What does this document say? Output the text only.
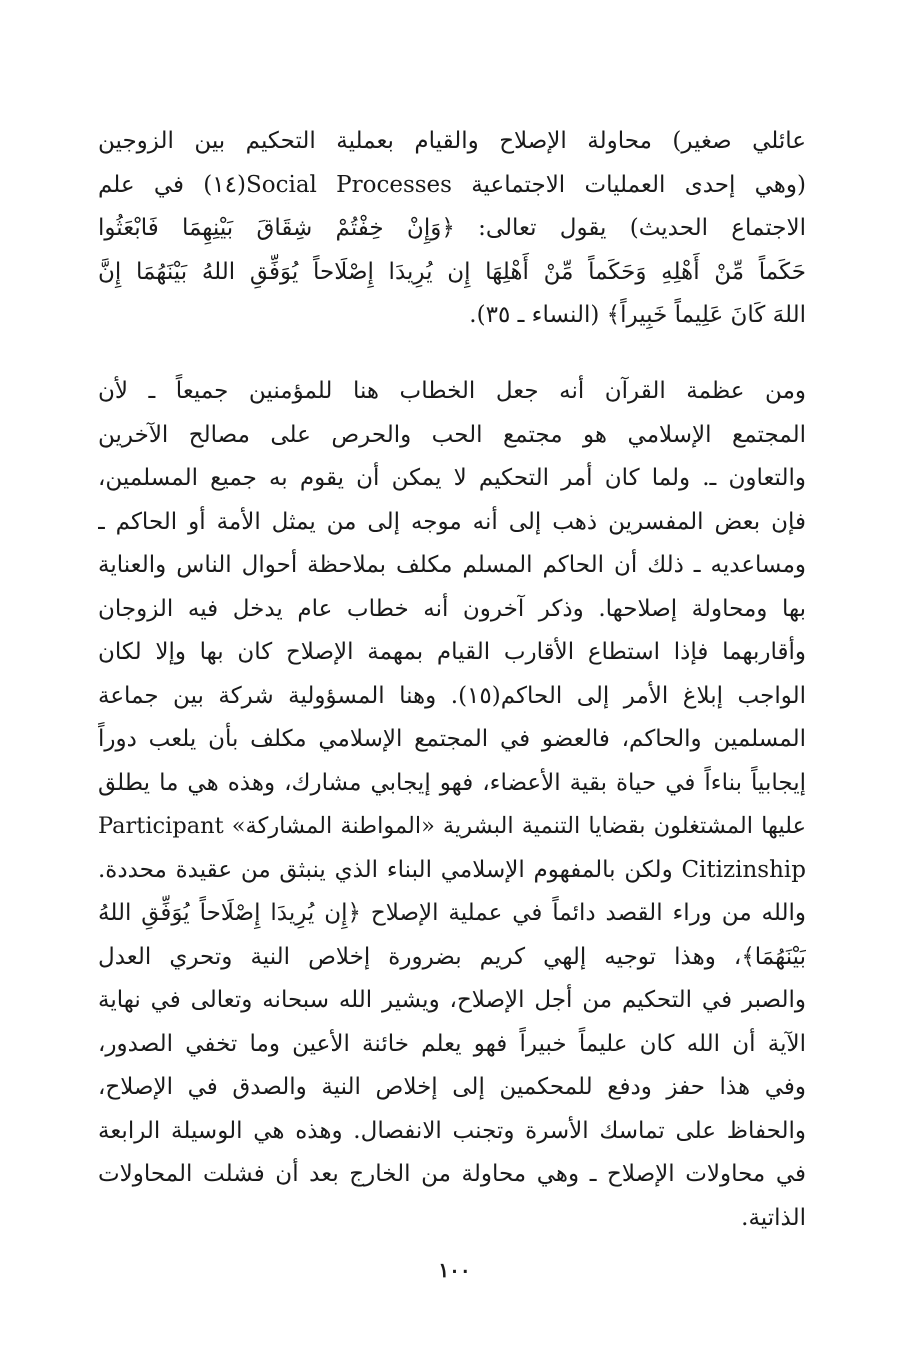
عائلي صغير) محاولة الإصلاح والقيام بعملية التحكيم بين الزوجين
(وهي إحدى العمليات الاجتماعية Social Processes(١٤) في علم
الاجتماع الحديث) يقول تعالى: ﴿وَإِنْ خِفْتُمْ شِقَاقَ بَيْنِهِمَا فَابْعَثُوا
حَكَماً مِّنْ أَهْلِهِ وَحَكَماً مِّنْ أَهْلِهَا إِن يُرِيدَا إِصْلَاحاً يُوَفِّقِ اللهُ بَيْنَهُمَا إِنَّ
اللهَ كَانَ عَلِيماً خَبِيراً﴾ (النساء ـ ٣٥).
ومن عظمة القرآن أنه جعل الخطاب هنا للمؤمنين جميعاً ـ لأن
المجتمع الإسلامي هو مجتمع الحب والحرص على مصالح الآخرين
والتعاون ـ. ولما كان أمر التحكيم لا يمكن أن يقوم به جميع المسلمين،
فإن بعض المفسرين ذهب إلى أنه موجه إلى من يمثل الأمة أو الحاكم ـ
ومساعديه ـ ذلك أن الحاكم المسلم مكلف بملاحظة أحوال الناس والعناية
بها ومحاولة إصلاحها. وذكر آخرون أنه خطاب عام يدخل فيه الزوجان
وأقاربهما فإذا استطاع الأقارب القيام بمهمة الإصلاح كان بها وإلا لكان
الواجب إبلاغ الأمر إلى الحاكم(١٥). وهنا المسؤولية شركة بين جماعة
المسلمين والحاكم، فالعضو في المجتمع الإسلامي مكلف بأن يلعب دوراً
إيجابياً بناءاً في حياة بقية الأعضاء، فهو إيجابي مشارك، وهذه هي ما يطلق
عليها المشتغلون بقضايا التنمية البشرية «المواطنة المشاركة» Participant
Citizinship ولكن بالمفهوم الإسلامي البناء الذي ينبثق من عقيدة محددة.
والله من وراء القصد دائماً في عملية الإصلاح ﴿إِن يُرِيدَا إِصْلَاحاً يُوَفِّقِ اللهُ
بَيْنَهُمَا﴾، وهذا توجيه إلهي كريم بضرورة إخلاص النية وتحري العدل
والصبر في التحكيم من أجل الإصلاح، ويشير الله سبحانه وتعالى في نهاية
الآية أن الله كان عليماً خبيراً فهو يعلم خائنة الأعين وما تخفي الصدور،
وفي هذا حفز ودفع للمحكمين إلى إخلاص النية والصدق في الإصلاح،
والحفاظ على تماسك الأسرة وتجنب الانفصال. وهذه هي الوسيلة الرابعة
في محاولات الإصلاح ـ وهي محاولة من الخارج بعد أن فشلت المحاولات
الذاتية.
١٠٠
